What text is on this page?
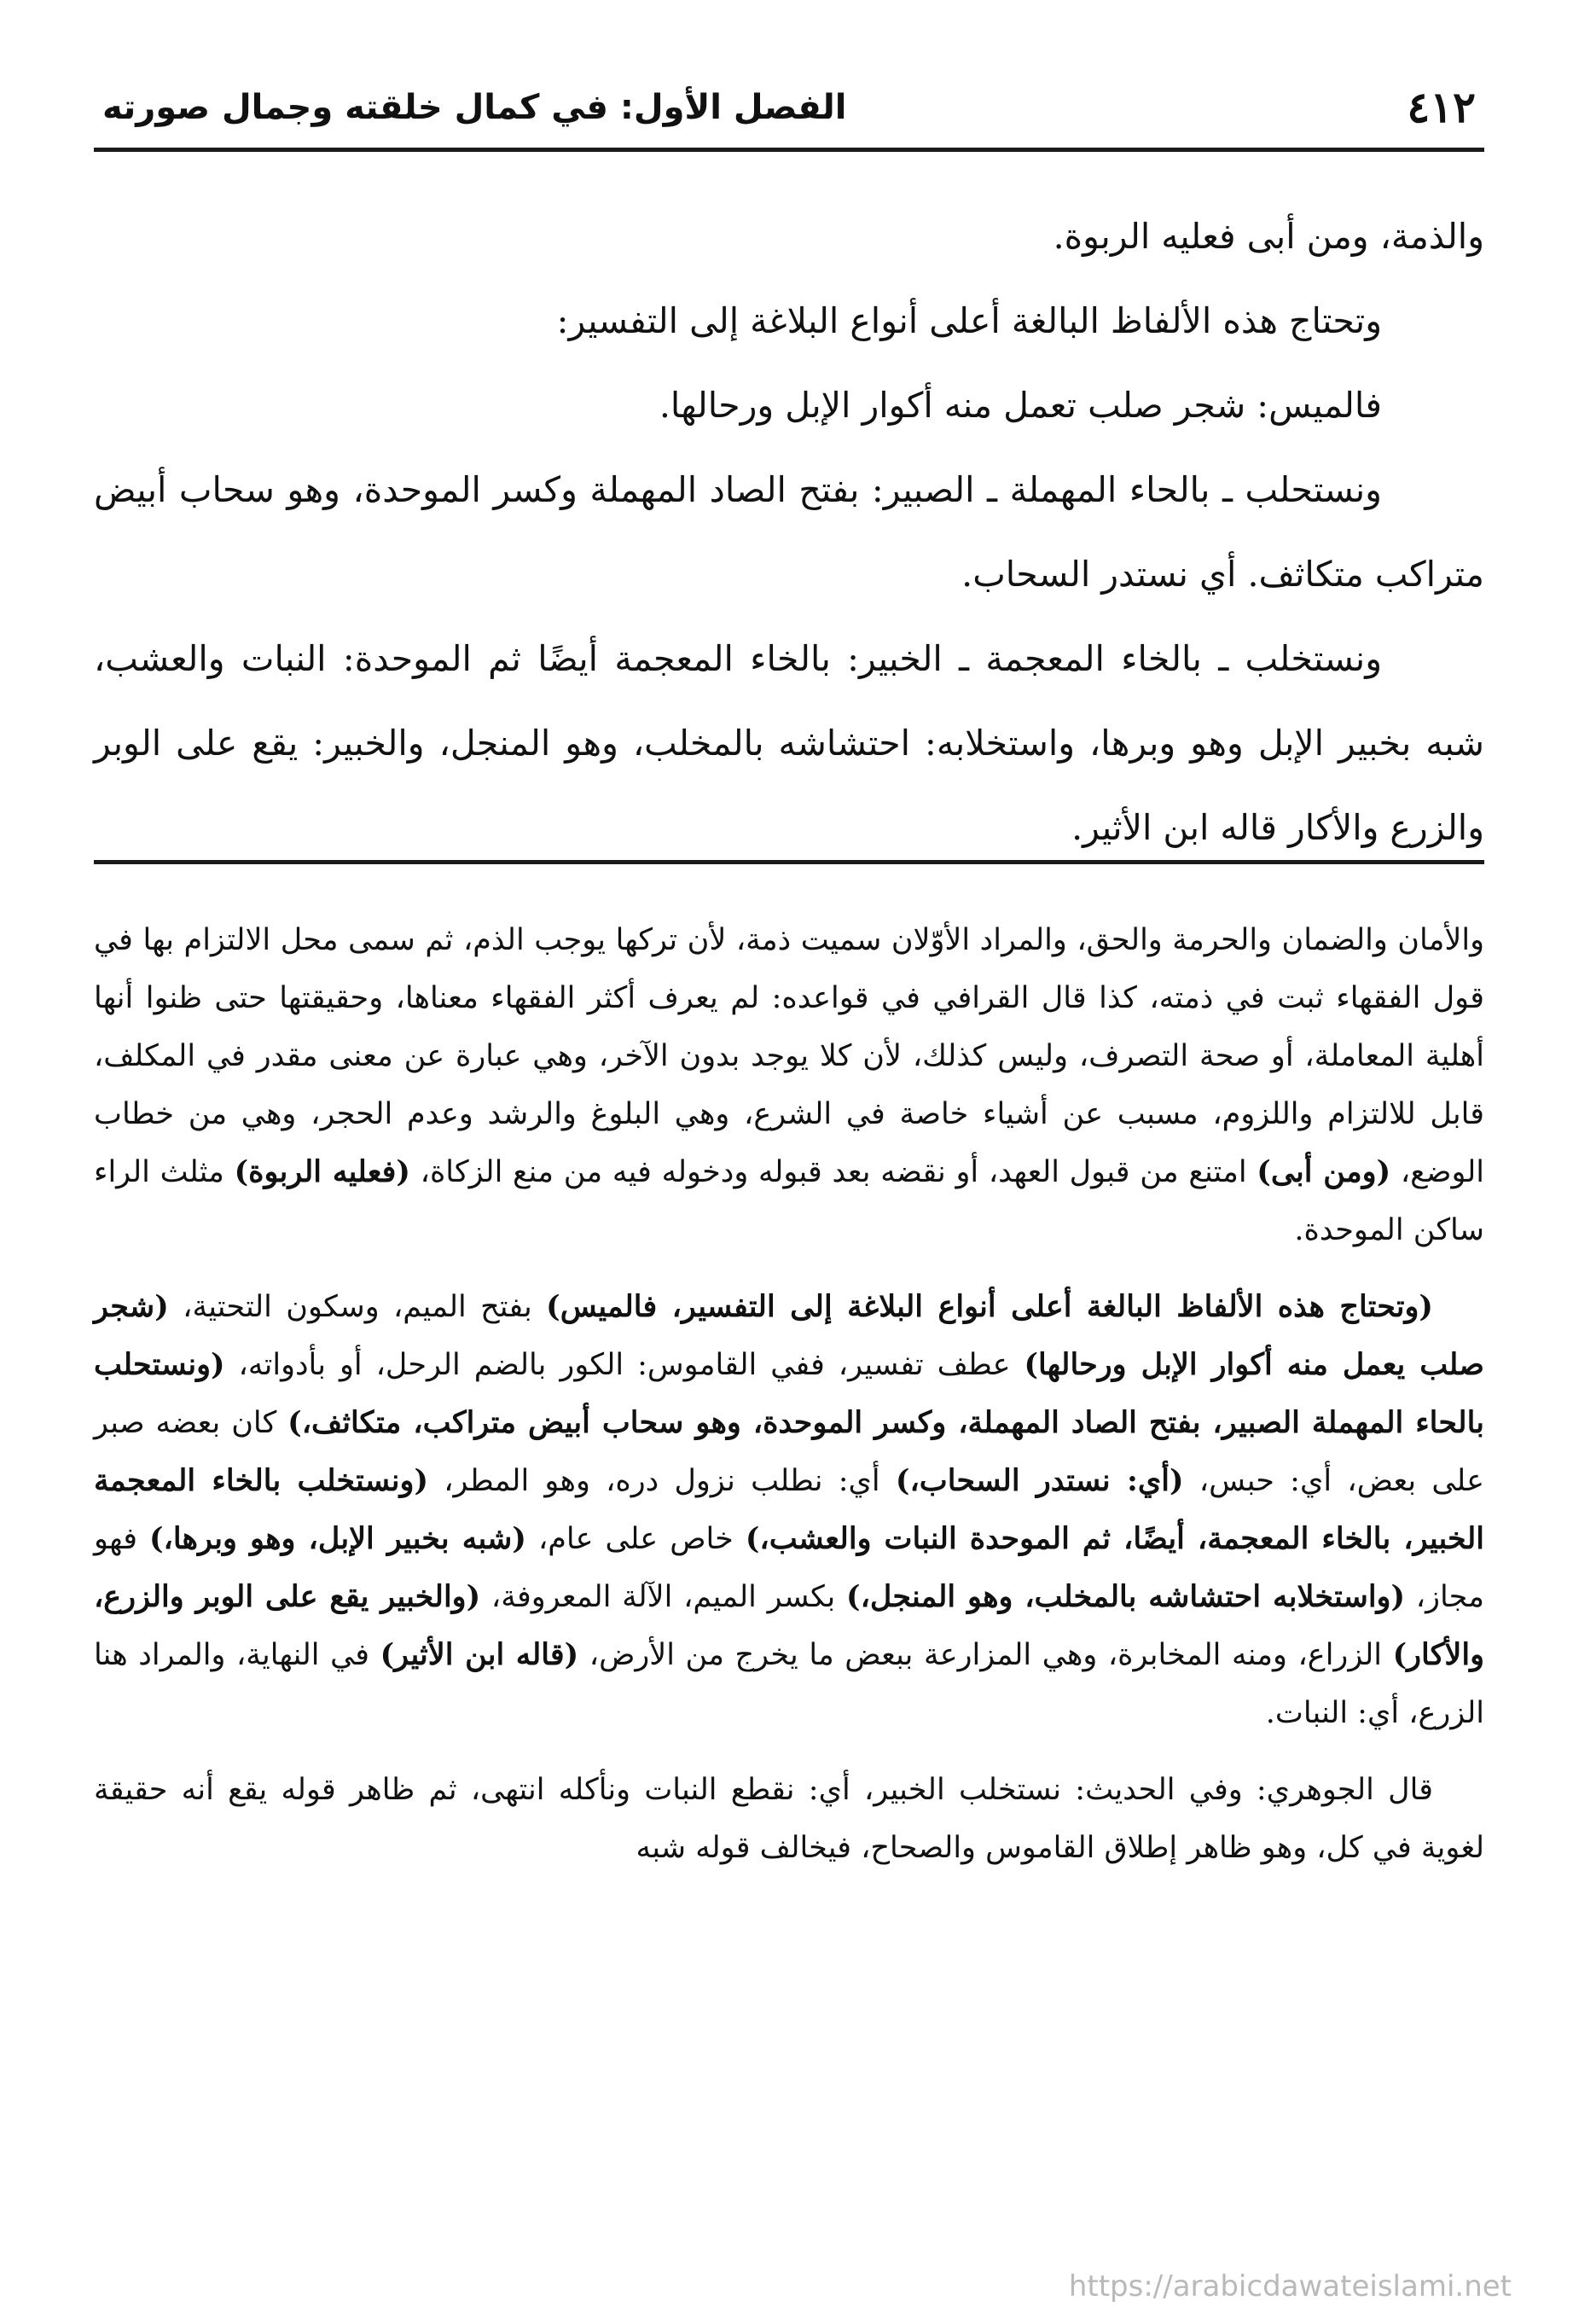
٤١٢
الفصل الأول: في كمال خلقته وجمال صورته

والذمة، ومن أبى فعليه الربوة.

وتحتاج هذه الألفاظ البالغة أعلى أنواع البلاغة إلى التفسير:

فالميس: شجر صلب تعمل منه أكوار الإبل ورحالها.

ونستحلب ـ بالحاء المهملة ـ الصبير: بفتح الصاد المهملة وكسر الموحدة، وهو سحاب أبيض متراكب متكاثف. أي نستدر السحاب.

ونستخلب ـ بالخاء المعجمة ـ الخبير: بالخاء المعجمة أيضًا ثم الموحدة: النبات والعشب، شبه بخبير الإبل وهو وبرها، واستخلابه: احتشاشه بالمخلب، وهو المنجل، والخبير: يقع على الوبر والزرع والأكار قاله ابن الأثير.

والأمان والضمان والحرمة والحق، والمراد الأوّلان سميت ذمة، لأن تركها يوجب الذم، ثم سمى محل الالتزام بها في قول الفقهاء ثبت في ذمته، كذا قال القرافي في قواعده: لم يعرف أكثر الفقهاء معناها، وحقيقتها حتى ظنوا أنها أهلية المعاملة، أو صحة التصرف، وليس كذلك، لأن كلا يوجد بدون الآخر، وهي عبارة عن معنى مقدر في المكلف، قابل للالتزام واللزوم، مسبب عن أشياء خاصة في الشرع، وهي البلوغ والرشد وعدم الحجر، وهي من خطاب الوضع، (ومن أبى) امتنع من قبول العهد، أو نقضه بعد قبوله ودخوله فيه من منع الزكاة، (فعليه الربوة) مثلث الراء ساكن الموحدة.

(وتحتاج هذه الألفاظ البالغة أعلى أنواع البلاغة إلى التفسير، فالميس) بفتح الميم، وسكون التحتية، (شجر صلب يعمل منه أكوار الإبل ورحالها) عطف تفسير، ففي القاموس: الكور بالضم الرحل، أو بأدواته، (ونستحلب بالحاء المهملة الصبير، بفتح الصاد المهملة، وكسر الموحدة، وهو سحاب أبيض متراكب، متكاثف،) كان بعضه صبر على بعض، أي: حبس، (أي: نستدر السحاب،) أي: نطلب نزول دره، وهو المطر، (ونستخلب بالخاء المعجمة الخبير، بالخاء المعجمة، أيضًا، ثم الموحدة النبات والعشب،) خاص على عام، (شبه بخبير الإبل، وهو وبرها،) فهو مجاز، (واستخلابه احتشاشه بالمخلب، وهو المنجل،) بكسر الميم، الآلة المعروفة، (والخبير يقع على الوبر والزرع، والأكار) الزراع، ومنه المخابرة، وهي المزارعة ببعض ما يخرج من الأرض، (قاله ابن الأثير) في النهاية، والمراد هنا الزرع، أي: النبات.

قال الجوهري: وفي الحديث: نستخلب الخبير، أي: نقطع النبات ونأكله انتهى، ثم ظاهر قوله يقع أنه حقيقة لغوية في كل، وهو ظاهر إطلاق القاموس والصحاح، فيخالف قوله شبه

https://arabicdawateislami.net
